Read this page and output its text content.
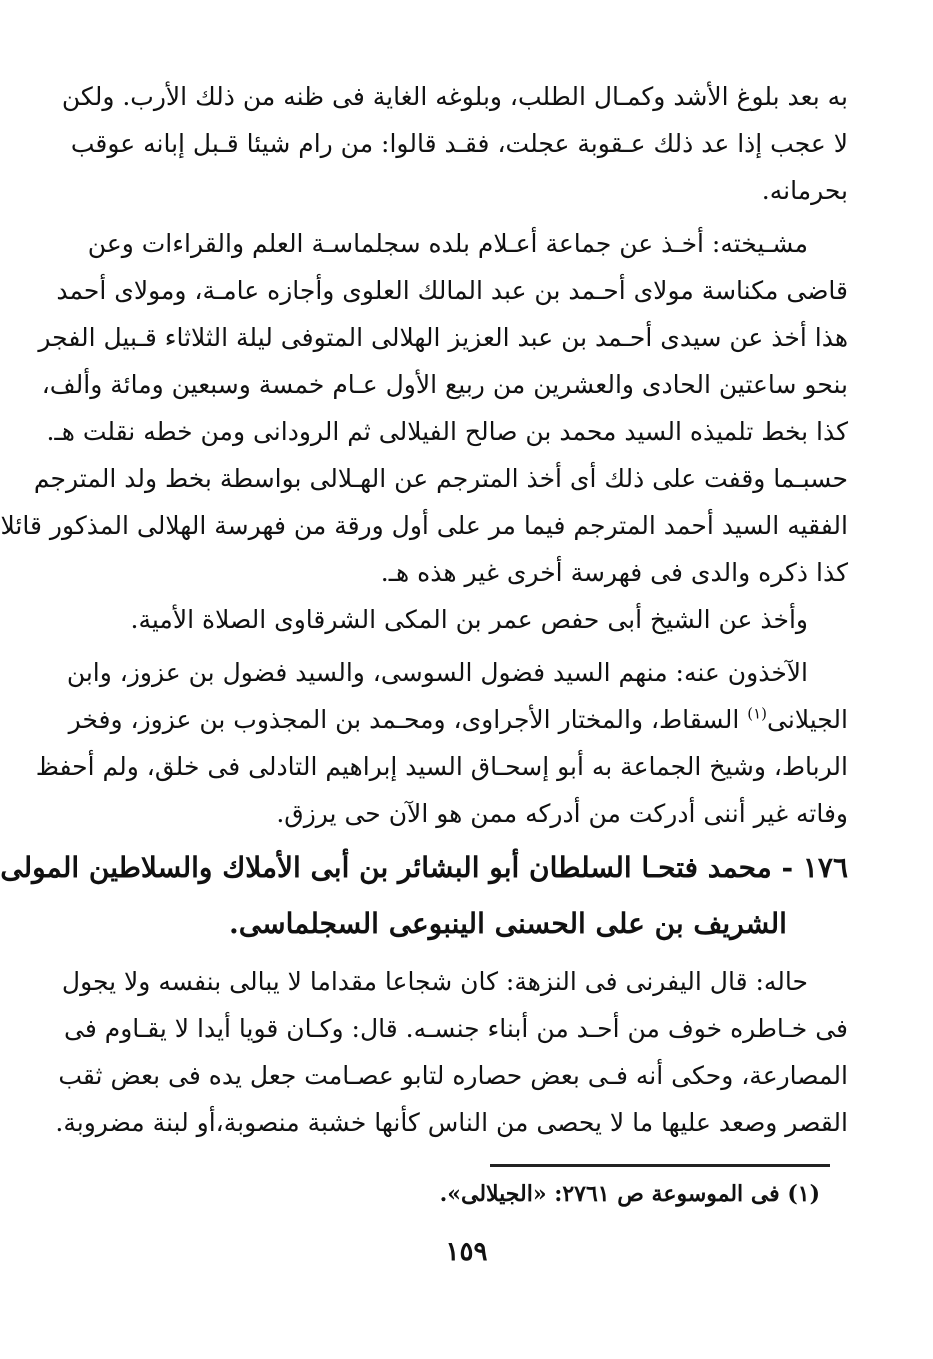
به بعد بلوغ الأشد وكمـال الطلب، وبلوغه الغاية فى ظنه من ذلك الأرب. ولكن
لا عجب إذا عد ذلك عـقوبة عجلت، فقـد قالوا: من رام شيئا قـبل إبانه عوقب
بحرمانه.
مشـيخته: أخـذ عن جماعة أعـلام بلده سجلماسـة العلم والقراءات وعن
قاضى مكناسة مولاى أحـمد بن عبد المالك العلوى وأجازه عامـة، ومولاى أحمد
هذا أخذ عن سيدى أحـمد بن عبد العزيز الهلالى المتوفى ليلة الثلاثاء قـبيل الفجر
بنحو ساعتين الحادى والعشرين من ربيع الأول عـام خمسة وسبعين ومائة وألف،
كذا بخط تلميذه السيد محمد بن صالح الفيلالى ثم الرودانى ومن خطه نقلت هـ.
حسبـما وقفت على ذلك أى أخذ المترجم عن الهـلالى بواسطة بخط ولد المترجم
الفقيه السيد أحمد المترجم فيما مر على أول ورقة من فهرسة الهلالى المذكور قائلا
كذا ذكره والدى فى فهرسة أخرى غير هذه هـ.
وأخذ عن الشيخ أبى حفص عمر بن المكى الشرقاوى الصلاة الأمية.
الآخذون عنه: منهم السيد فضول السوسى، والسيد فضول بن عزوز، وابن
الجيلانى$^{(١)}$ السقاط، والمختار الأجراوى، ومحـمد بن المجذوب بن عزوز، وفخر
الرباط، وشيخ الجماعة به أبو إسحـاق السيد إبراهيم التادلى فى خلق، ولم أحفظ
وفاته غير أننى أدركت من أدركه ممن هو الآن حى يرزق.
١٧٦ - محمد فتحـا السلطان أبو البشائر بن أبى الأملاك والسلاطين المولى
الشريف بن على الحسنى الينبوعى السجلماسى.
حاله: قال اليفرنى فى النزهة: كان شجاعا مقداما لا يبالى بنفسه ولا يجول
فى خـاطره خوف من أحـد من أبناء جنسـه. قال: وكـان قويا أيدا لا يقـاوم فى
المصارعة، وحكى أنه فـى بعض حصاره لتابو عصـامت جعل يده فى بعض ثقب
القصر وصعد عليها ما لا يحصى من الناس كأنها خشبة منصوبة،أو لبنة مضروبة.
(١) فى الموسوعة ص ٢٧٦١: «الجيلالى».
١٥٩
